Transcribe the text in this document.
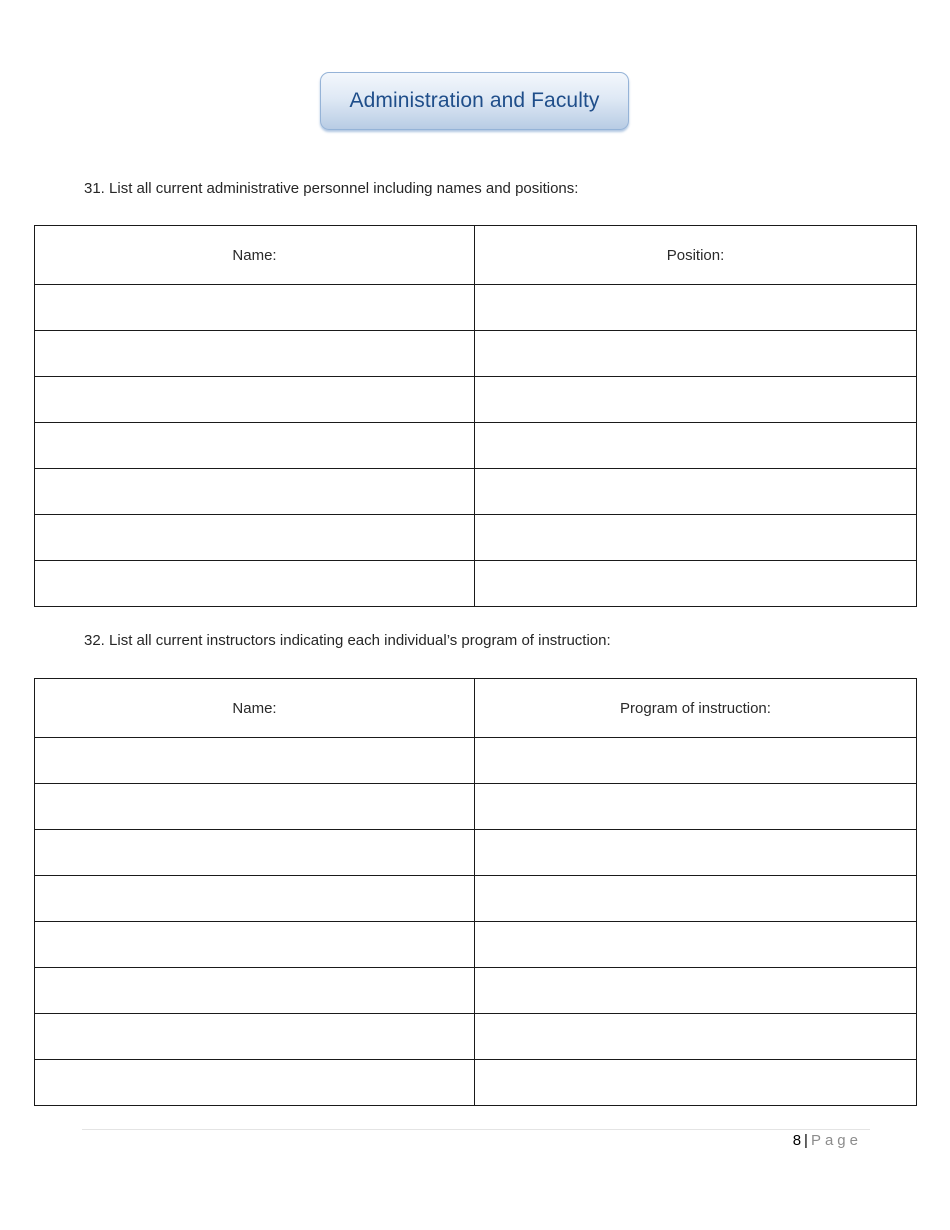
Administration and Faculty
31. List all current administrative personnel including names and positions:
Name:	Position:

32. List all current instructors indicating each individual’s program of instruction:
Name:	Program of instruction:

8 | Page
